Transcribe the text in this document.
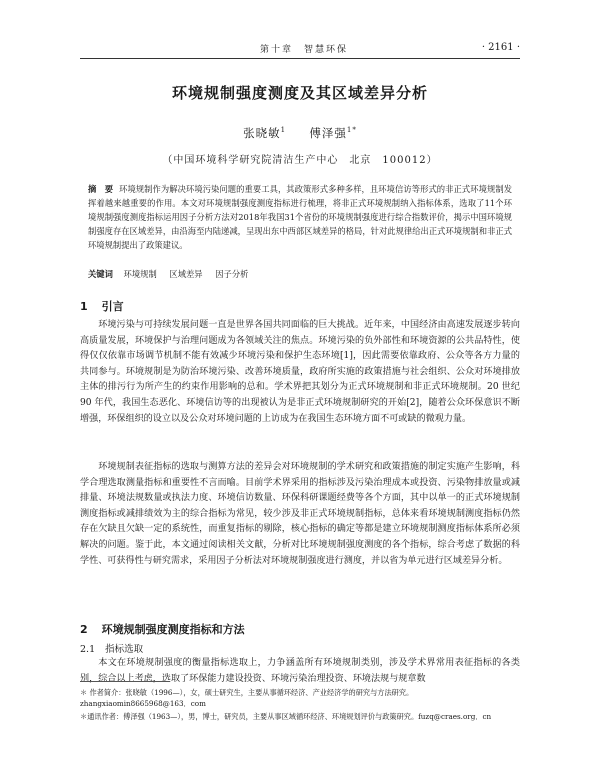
第十章　智慧环保	· 2161 ·
环境规制强度测度及其区域差异分析
张晓敏$^1$ 傅泽强$^{1*}$
（中国环境科学研究院清洁生产中心　北京　100012）
摘　要 环境规制作为解决环境污染问题的重要工具，其政策形式多种多样，且环境信访等形式的非正式环境规制发挥着越来越重要的作用。本文对环境规制强度测度指标进行梳理，将非正式环境规制纳入指标体系，选取了11个环境规制强度测度指标运用因子分析方法对2018年我国31个省份的环境规制强度进行综合指数评价，揭示中国环境规制强度存在区域差异，由沿海至内陆递减，呈现出东中西部区域差异的格局，针对此规律给出正式环境规制和非正式环境规制提出了政策建议。
关键词 环境规制 区域差异 因子分析
1 引言
环境污染与可持续发展问题一直是世界各国共同面临的巨大挑战。近年来，中国经济由高速发展逐步转向高质量发展，环境保护与治理问题成为各领域关注的焦点。环境污染的负外部性和环境资源的公共品特性，使得仅仅依靠市场调节机制不能有效减少环境污染和保护生态环境[1]，因此需要依靠政府、公众等各方力量的共同参与。环境规制是为防治环境污染、改善环境质量，政府所实施的政策措施与社会组织、公众对环境排放主体的排污行为所产生的约束作用影响的总和。学术界把其划分为正式环境规制和非正式环境规制。20 世纪 90 年代，我国生态恶化、环境信访等的出现被认为是非正式环境规制研究的开始[2]，随着公众环保意识不断增强，环保组织的设立以及公众对环境问题的上访成为在我国生态环境方面不可或缺的微观力量。
环境规制表征指标的选取与测算方法的差异会对环境规制的学术研究和政策措施的制定实施产生影响，科学合理选取测量指标和重要性不言而喻。目前学术界采用的指标涉及污染治理成本或投资、污染物排放量或减排量、环境法规数量或执法力度、环境信访数量、环保科研课题经费等各个方面，其中以单一的正式环境规制测度指标或减排绩效为主的综合指标为常见，较少涉及非正式环境规制指标，总体来看环境规制测度指标仍然存在欠缺且欠缺一定的系统性，而重复指标的剔除，核心指标的确定等都是建立环境规制测度指标体系所必须解决的问题。鉴于此，本文通过阅读相关文献，分析对比环境规制强度测度的各个指标，综合考虑了数据的科学性、可获得性与研究需求，采用因子分析法对环境规制强度进行测度，并以省为单元进行区域差异分析。
2 环境规制强度测度指标和方法
2.1 指标选取
本文在环境规制强度的衡量指标选取上，力争涵盖所有环境规制类别，涉及学术界常用表征指标的各类别，综合以上考虑，选取了环保能力建设投资、环境污染治理投资、环境法规与规章数
＊ 作者简介：张晓敏（1996—），女，硕士研究生，主要从事循环经济、产业经济学的研究与方法研究。zhangxiaomin8665968@163．com
＊通讯作者：傅泽强（1963—），男，博士，研究员，主要从事区域循环经济、环境规划评价与政策研究。fuzq@craes.org．cn
